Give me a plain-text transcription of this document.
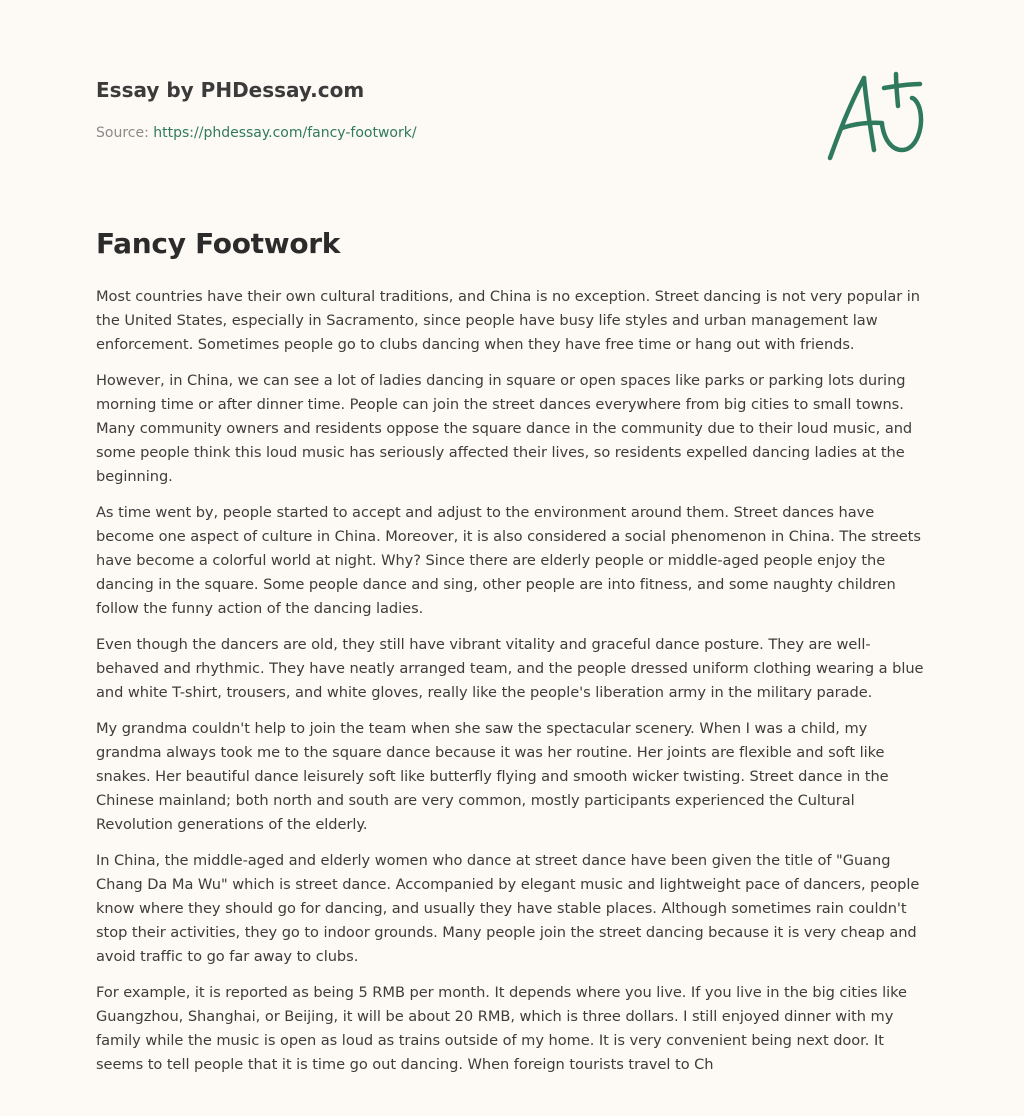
Essay by PHDessay.com
Source: https://phdessay.com/fancy-footwork/
Fancy Footwork

Most countries have their own cultural traditions, and China is no exception. Street dancing is not very popular in the United States, especially in Sacramento, since people have busy life styles and urban management law enforcement. Sometimes people go to clubs dancing when they have free time or hang out with friends.

However, in China, we can see a lot of ladies dancing in square or open spaces like parks or parking lots during morning time or after dinner time. People can join the street dances everywhere from big cities to small towns. Many community owners and residents oppose the square dance in the community due to their loud music, and some people think this loud music has seriously affected their lives, so residents expelled dancing ladies at the beginning.

As time went by, people started to accept and adjust to the environment around them. Street dances have become one aspect of culture in China. Moreover, it is also considered a social phenomenon in China. The streets have become a colorful world at night. Why? Since there are elderly people or middle-aged people enjoy the dancing in the square. Some people dance and sing, other people are into fitness, and some naughty children follow the funny action of the dancing ladies.

Even though the dancers are old, they still have vibrant vitality and graceful dance posture. They are well-behaved and rhythmic. They have neatly arranged team, and the people dressed uniform clothing wearing a blue and white T-shirt, trousers, and white gloves, really like the people's liberation army in the military parade.

My grandma couldn't help to join the team when she saw the spectacular scenery. When I was a child, my grandma always took me to the square dance because it was her routine. Her joints are flexible and soft like snakes. Her beautiful dance leisurely soft like butterfly flying and smooth wicker twisting. Street dance in the Chinese mainland; both north and south are very common, mostly participants experienced the Cultural Revolution generations of the elderly.

In China, the middle-aged and elderly women who dance at street dance have been given the title of "Guang Chang Da Ma Wu" which is street dance. Accompanied by elegant music and lightweight pace of dancers, people know where they should go for dancing, and usually they have stable places. Although sometimes rain couldn't stop their activities, they go to indoor grounds. Many people join the street dancing because it is very cheap and avoid traffic to go far away to clubs.

For example, it is reported as being 5 RMB per month. It depends where you live. If you live in the big cities like Guangzhou, Shanghai, or Beijing, it will be about 20 RMB, which is three dollars. I still enjoyed dinner with my family while the music is open as loud as trains outside of my home. It is very convenient being next door. It seems to tell people that it is time go out dancing. When foreign tourists travel to Ch
